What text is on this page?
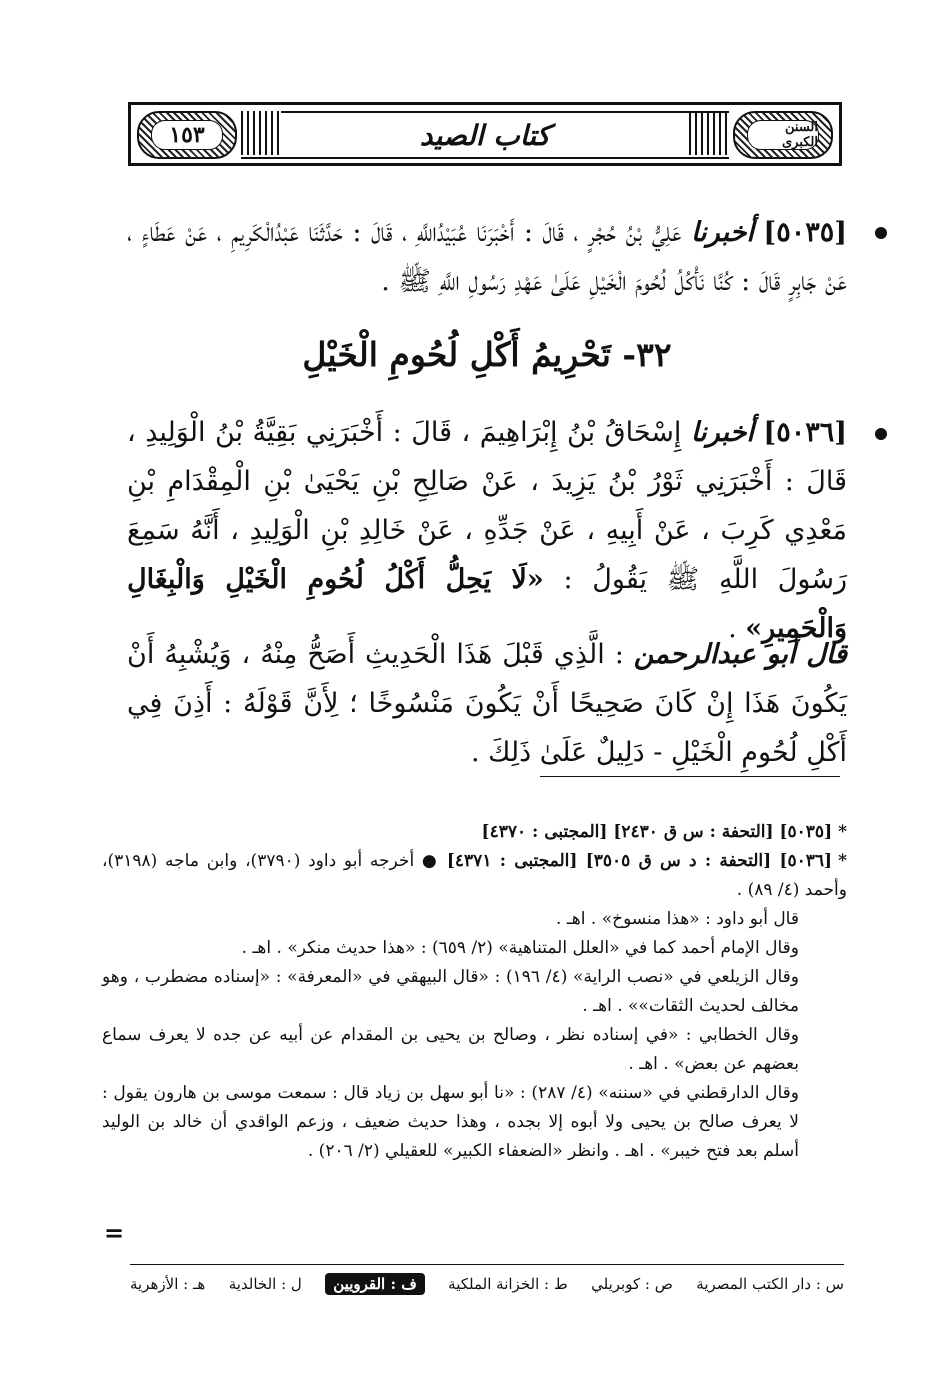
السنن الكبرى
كتاب الصيد
١٥٣

[٥٠٣٥] أخبرنا عَلِيُّ بْنُ حُجْرٍ ، قَالَ : أَخْبَرَنَا عُبَيْدُاللَّهِ ، قَالَ : حَدَّثَنَا عَبْدُالْكَرِيمِ ، عَنْ عَطَاءٍ ، عَنْ جَابِرٍ قَالَ : كُنَّا نَأْكُلُ لُحُومَ الْخَيْلِ عَلَىٰ عَهْدِ رَسُولِ اللَّهِ ﷺ .

٣٢- تَحْرِيمُ أَكْلِ لُحُومِ الْخَيْلِ

[٥٠٣٦] أخبرنا إِسْحَاقُ بْنُ إِبْرَاهِيمَ ، قَالَ : أَخْبَرَنِي بَقِيَّةُ بْنُ الْوَلِيدِ ، قَالَ : أَخْبَرَنِي ثَوْرُ بْنُ يَزِيدَ ، عَنْ صَالِحِ بْنِ يَحْيَىٰ بْنِ الْمِقْدَامِ بْنِ مَعْدِي كَرِبَ ، عَنْ أَبِيهِ ، عَنْ جَدِّهِ ، عَنْ خَالِدِ بْنِ الْوَلِيدِ ، أَنَّهُ سَمِعَ رَسُولَ اللَّهِ ﷺ يَقُولُ : «لَا يَحِلُّ أَكْلُ لُحُومِ الْخَيْلِ وَالْبِغَالِ وَالْحَمِيرِ» .

قال أبو عبدالرحمن : الَّذِي قَبْلَ هَذَا الْحَدِيثِ أَصَحُّ مِنْهُ ، وَيُشْبِهُ أَنْ يَكُونَ هَذَا إِنْ كَانَ صَحِيحًا أَنْ يَكُونَ مَنْسُوخًا ؛ لِأَنَّ قَوْلَهُ : أَذِنَ فِي أَكْلِ لُحُومِ الْخَيْلِ - دَلِيلٌ عَلَىٰ ذَلِكَ .

*[٥٠٣٥] [التحفة : س ق ٢٤٣٠] [المجتبى : ٤٣٧٠]

*[٥٠٣٦] [التحفة : د س ق ٣٥٠٥] [المجتبى : ٤٣٧١] ● أخرجه أبو داود (٣٧٩٠)، وابن ماجه (٣١٩٨)، وأحمد (٤/ ٨٩) .

قال أبو داود : «هذا منسوخ» . اهـ .

وقال الإمام أحمد كما في «العلل المتناهية» (٢/ ٦٥٩) : «هذا حديث منكر» . اهـ .

وقال الزيلعي في «نصب الراية» (٤/ ١٩٦) : «قال البيهقي في «المعرفة» : «إسناده مضطرب ، وهو مخالف لحديث الثقات»» . اهـ .

وقال الخطابي : «في إسناده نظر ، وصالح بن يحيى بن المقدام عن أبيه عن جده لا يعرف سماع بعضهم عن بعض» . اهـ .

وقال الدارقطني في «سننه» (٤/ ٢٨٧) : «نا أبو سهل بن زياد قال : سمعت موسى بن هارون يقول : لا يعرف صالح بن يحيى ولا أبوه إلا بجده ، وهذا حديث ضعيف ، وزعم الواقدي أن خالد بن الوليد أسلم بعد فتح خيبر» . اهـ . وانظر «الضعفاء الكبير» للعقيلي (٢/ ٢٠٦) .

=
س : دار الكتب المصرية
ص : كوبريلي
ط : الخزانة الملكية
ف : القرويين
ل : الخالدية
هـ : الأزهرية
